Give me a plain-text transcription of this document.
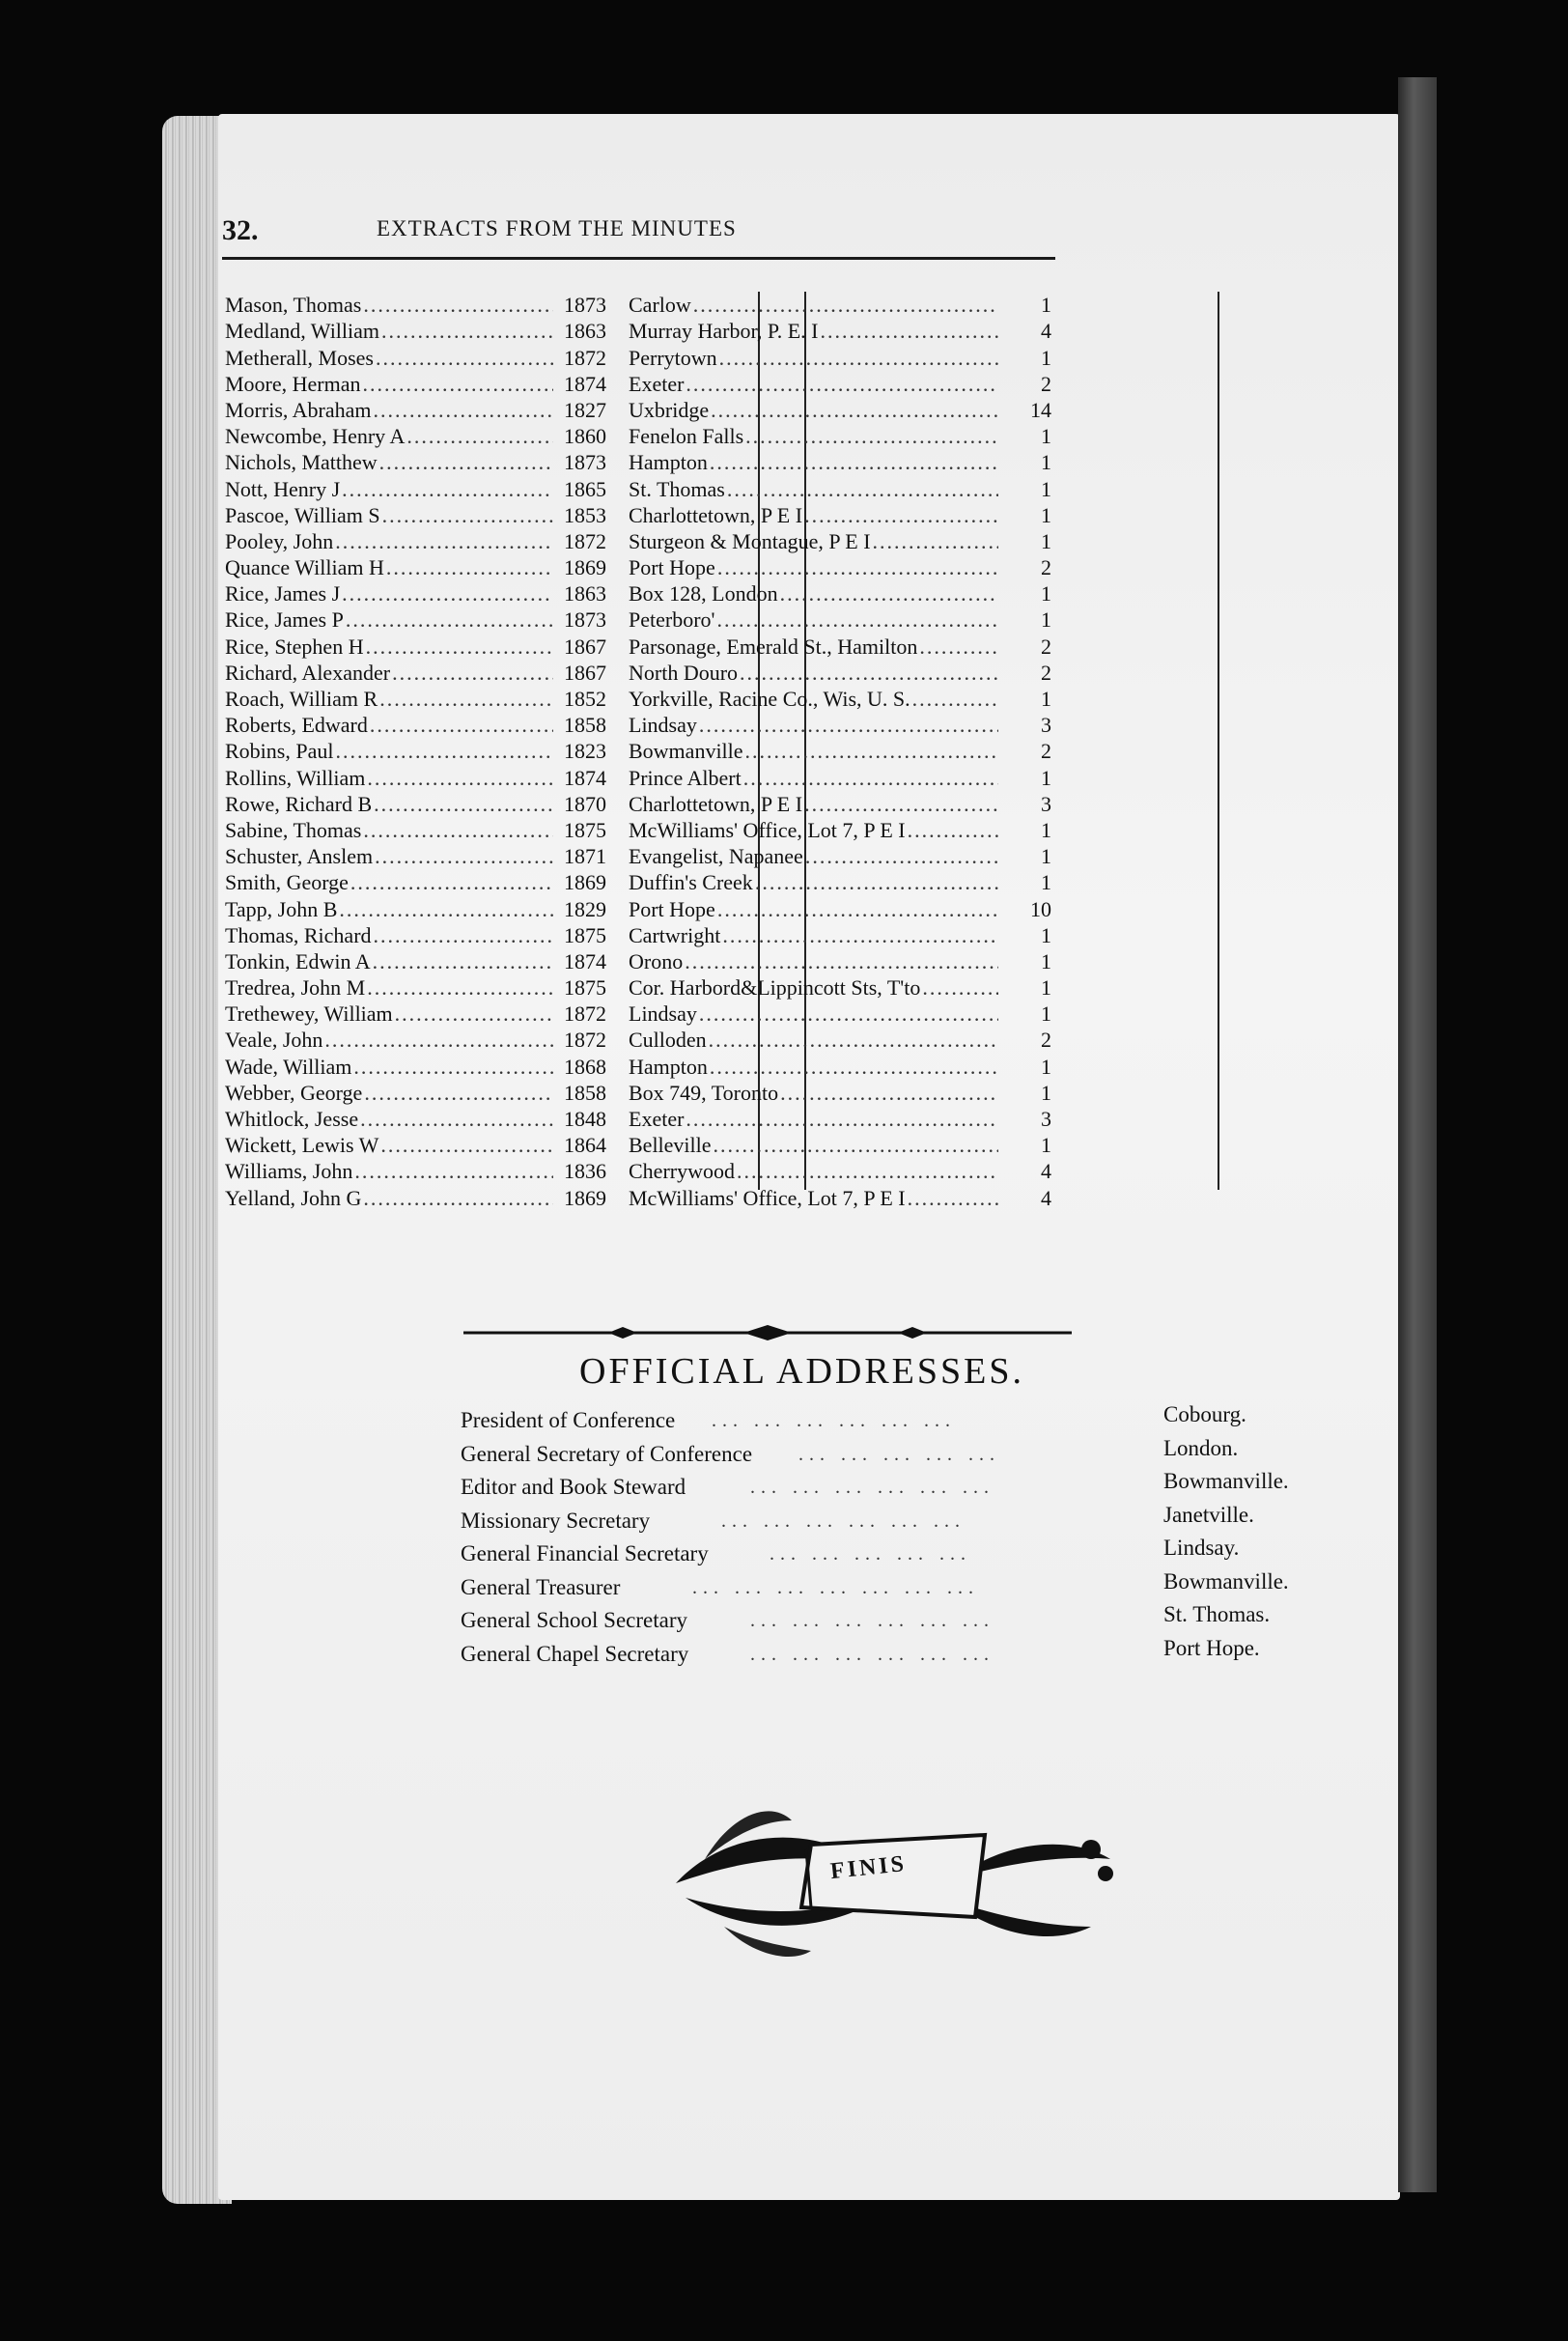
32.	EXTRACTS FROM THE MINUTES
Mason, Thomas .....	1873	Carlow .....	1
Medland, William .....	1863	Murray Harbor, P. E. I .....	4
Metherall, Moses .....	1872	Perrytown .....	1
Moore, Herman .....	1874	Exeter .....	2
Morris, Abraham .....	1827	Uxbridge .....	14
Newcombe, Henry A .....	1860	Fenelon Falls .....	1
Nichols, Matthew .....	1873	Hampton .....	1
Nott, Henry J .....	1865	St. Thomas .....	1
Pascoe, William S .....	1853	Charlottetown, P E I .....	1
Pooley, John .....	1872	Sturgeon & Montague, P E I .....	1
Quance William H .....	1869	Port Hope .....	2
Rice, James J .....	1863	Box 128, London .....	1
Rice, James P .....	1873	Peterboro' .....	1
Rice, Stephen H .....	1867	Parsonage, Emerald St., Hamilton .....	2
Richard, Alexander .....	1867	North Douro .....	2
Roach, William R .....	1852	Yorkville, Racine Co., Wis, U. S. .....	1
Roberts, Edward .....	1858	Lindsay .....	3
Robins, Paul .....	1823	Bowmanville .....	2
Rollins, William .....	1874	Prince Albert .....	1
Rowe, Richard B .....	1870	Charlottetown, P E I .....	3
Sabine, Thomas .....	1875	McWilliams' Office, Lot 7, P E I .....	1
Schuster, Anslem .....	1871	Evangelist, Napanee .....	1
Smith, George .....	1869	Duffin's Creek .....	1
Tapp, John B .....	1829	Port Hope .....	10
Thomas, Richard .....	1875	Cartwright .....	1
Tonkin, Edwin A .....	1874	Orono .....	1
Tredrea, John M .....	1875	Cor. Harbord&Lippincott Sts, T'to .....	1
Trethewey, William .....	1872	Lindsay .....	1
Veale, John .....	1872	Culloden .....	2
Wade, William .....	1868	Hampton .....	1
Webber, George .....	1858	Box 749, Toronto .....	1
Whitlock, Jesse .....	1848	Exeter .....	3
Wickett, Lewis W .....	1864	Belleville .....	1
Williams, John .....	1836	Cherrywood .....	4
Yelland, John G .....	1869	McWilliams' Office, Lot 7, P E I .....	4
OFFICIAL ADDRESSES.
President of Conference ... ... ... ... ... ...	Cobourg.
General Secretary of Conference ... ... ... ... ...	London.
Editor and Book Steward	... ... ... ... ... ...	Bowmanville.
Missionary Secretary	... ... ... ... ... ...	Janetville.
General Financial Secretary	... ... ... ... ...	Lindsay.
General Treasurer	... ... ... ... ... ... ...	Bowmanville.
General School Secretary	... ... ... ... ... ...	St. Thomas.
General Chapel Secretary	... ... ... ... ... ...	Port Hope.
FINIS
